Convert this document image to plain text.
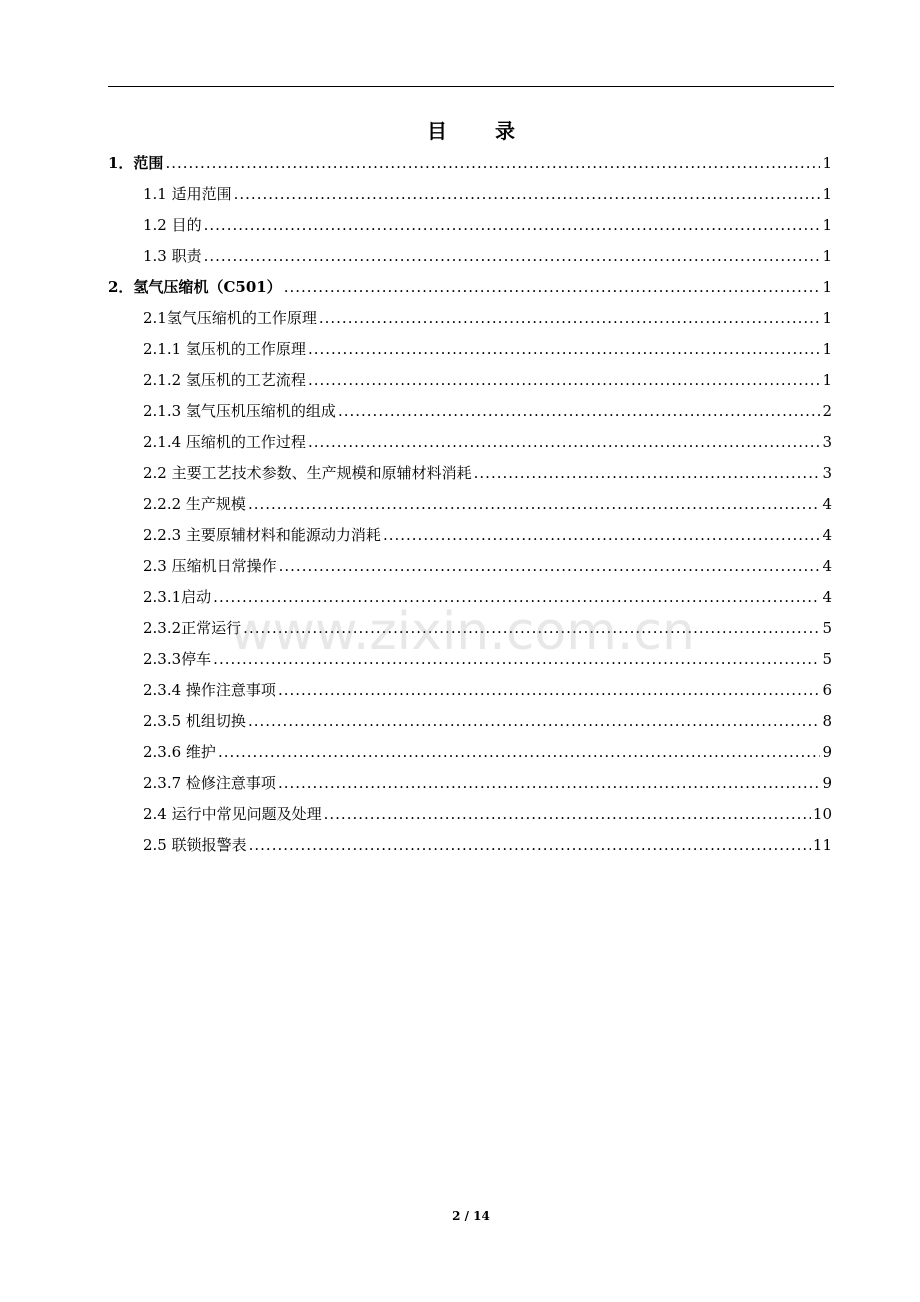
目　录
1．范围 .....	1
1.1 适用范围 .....	1
1.2 目的 .....	1
1.3 职责 .....	1
2．氢气压缩机（C501） .....	1
2.1氢气压缩机的工作原理 .....	1
2.1.1 氢压机的工作原理 .....	1
2.1.2 氢压机的工艺流程 .....	1
2.1.3 氢气压机压缩机的组成 .....	2
2.1.4 压缩机的工作过程 .....	3
2.2 主要工艺技术参数、生产规模和原辅材料消耗 .....	3
2.2.2 生产规模 .....	4
2.2.3 主要原辅材料和能源动力消耗 .....	4
2.3 压缩机日常操作 .....	4
2.3.1启动 .....	4
2.3.2正常运行 .....	5
2.3.3停车 .....	5
2.3.4 操作注意事项 .....	6
2.3.5 机组切换 .....	8
2.3.6 维护 .....	9
2.3.7 检修注意事项 .....	9
2.4 运行中常见问题及处理 .....	10
2.5 联锁报警表 .....	11
www.zixin.com.cn
2 / 14
